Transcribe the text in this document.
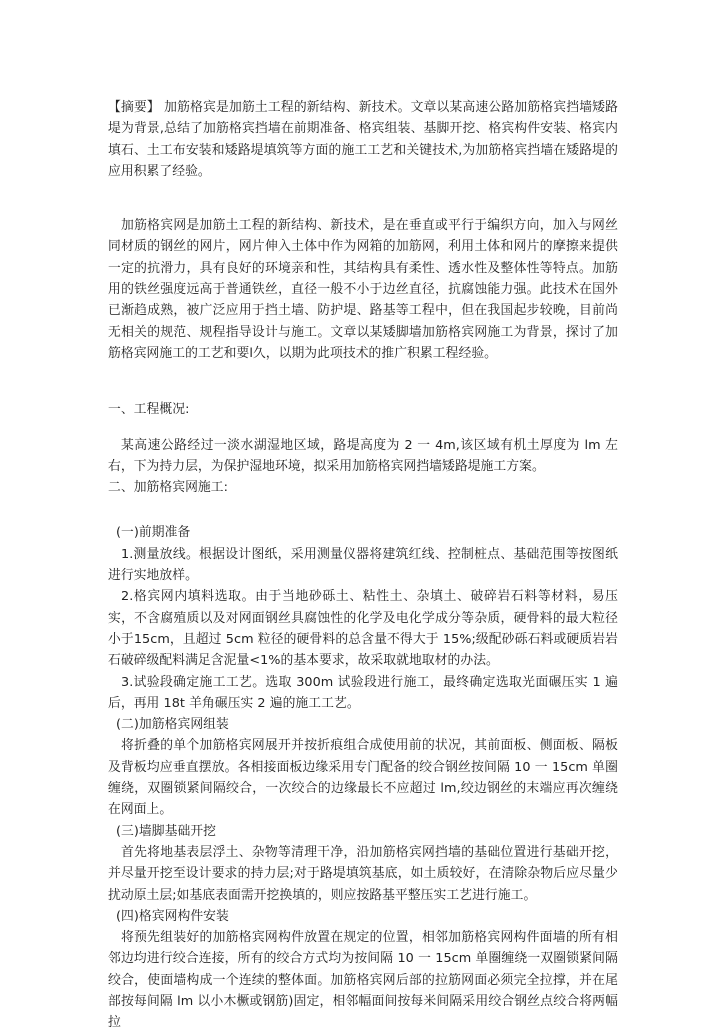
【摘要】 加筋格宾是加筋土工程的新结构、新技术。文章以某高速公路加筋格宾挡墙矮路堤为背景,总结了加筋格宾挡墙在前期准备、格宾组装、基脚开挖、格宾构件安装、格宾内填石、土工布安装和矮路堤填筑等方面的施工工艺和关键技术,为加筋格宾挡墙在矮路堤的应用积累了经验。

加筋格宾网是加筋土工程的新结构、新技术，是在垂直或平行于编织方向，加入与网丝同材质的钢丝的网片，网片伸入土体中作为网箱的加筋网，利用土体和网片的摩擦来提供一定的抗滑力，具有良好的环境亲和性，其结构具有柔性、透水性及整体性等特点。加筋用的铁丝强度远高于普通铁丝，直径一般不小于边丝直径，抗腐蚀能力强。此技术在国外已渐趋成熟，被广泛应用于挡土墙、防护堤、路基等工程中，但在我国起步较晚，目前尚无相关的规范、规程指导设计与施工。文章以某矮脚墙加筋格宾网施工为背景，探讨了加筋格宾网施工的工艺和要l久，以期为此项技术的推广积累工程经验。

一、工程概况:

某高速公路经过一淡水湖湿地区域，路堤高度为 2 一 4m,该区域有机土厚度为 lm 左右，下为持力层，为保护湿地环境，拟采用加筋格宾网挡墙矮路堤施工方案。

二、加筋格宾网施工:

(一)前期准备

1.测量放线。根据设计图纸，采用测量仪器将建筑红线、控制桩点、基础范围等按图纸进行实地放样。

2.格宾网内填料选取。由于当地砂砾土、粘性土、杂填土、破碎岩石料等材料，易压实，不含腐殖质以及对网面钢丝具腐蚀性的化学及电化学成分等杂质，硬骨料的最大粒径小于15cm，且超过 5cm 粒径的硬骨料的总含量不得大于 15%;级配砂砾石料或硬质岩岩石破碎级配料满足含泥量<1%的基本要求，故采取就地取材的办法。

3.试验段确定施工工艺。选取 300m 试验段进行施工，最终确定选取光面碾压实 1 遍后，再用 18t 羊角碾压实 2 遍的施工工艺。

(二)加筋格宾网组装

将折叠的单个加筋格宾网展开并按折痕组合成使用前的状况，其前面板、侧面板、隔板及背板均应垂直摆放。各相接面板边缘采用专门配备的绞合钢丝按间隔 10 一 15cm 单圈缠绕，双圈锁紧间隔绞合，一次绞合的边缘最长不应超过 lm,绞边钢丝的末端应再次缠绕在网面上。

(三)墙脚基础开挖

首先将地基表层浮土、杂物等清理干净，沿加筋格宾网挡墙的基础位置进行基础开挖，并尽量开挖至设计要求的持力层;对于路堤填筑基底，如土质较好，在清除杂物后应尽量少扰动原土层;如基底表面需开挖换填的，则应按路基平整压实工艺进行施工。

(四)格宾网构件安装

将预先组装好的加筋格宾网构件放置在规定的位置，相邻加筋格宾网构件面墙的所有相邻边均进行绞合连接，所有的绞合方式均为按间隔 10 一 15cm 单圈缠绕一双圈锁紧间隔绞合，使面墙构成一个连续的整体面。加筋格宾网后部的拉筋网面必须完全拉撑，并在尾部按每间隔 lm 以小木橛或钢筋)固定，相邻幅面间按每米间隔采用绞合钢丝点绞合将两幅拉
